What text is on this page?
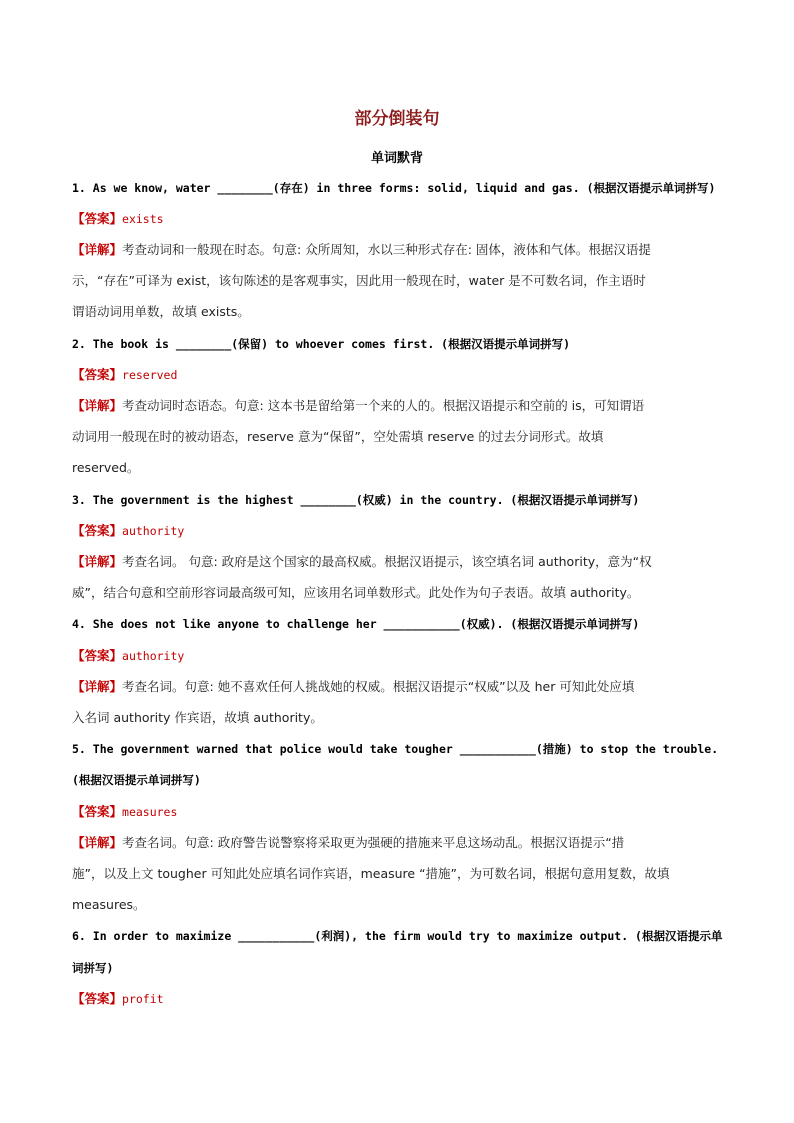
部分倒装句
单词默背
1. As we know, water ________(存在) in three forms: solid, liquid and gas. (根据汉语提示单词拼写)
【答案】exists
【详解】考查动词和一般现在时态。句意: 众所周知，水以三种形式存在: 固体，液体和气体。根据汉语提
示，“存在”可译为 exist，该句陈述的是客观事实，因此用一般现在时，water 是不可数名词，作主语时
谓语动词用单数，故填 exists。
2. The book is ________(保留) to whoever comes first. (根据汉语提示单词拼写)
【答案】reserved
【详解】考查动词时态语态。句意: 这本书是留给第一个来的人的。根据汉语提示和空前的 is，可知谓语
动词用一般现在时的被动语态，reserve 意为“保留”，空处需填 reserve 的过去分词形式。故填
reserved。
3. The government is the highest ________(权威) in the country. (根据汉语提示单词拼写)
【答案】authority
【详解】考查名词。 句意: 政府是这个国家的最高权威。根据汉语提示，该空填名词 authority，意为“权
威”，结合句意和空前形容词最高级可知，应该用名词单数形式。此处作为句子表语。故填 authority。
4. She does not like anyone to challenge her ___________(权威). (根据汉语提示单词拼写)
【答案】authority
【详解】考查名词。句意: 她不喜欢任何人挑战她的权威。根据汉语提示“权威”以及 her 可知此处应填
入名词 authority 作宾语，故填 authority。
5. The government warned that police would take tougher ___________(措施) to stop the trouble.
(根据汉语提示单词拼写)
【答案】measures
【详解】考查名词。句意: 政府警告说警察将采取更为强硬的措施来平息这场动乱。根据汉语提示“措
施”，以及上文 tougher 可知此处应填名词作宾语，measure “措施”，为可数名词，根据句意用复数，故填
measures。
6. In order to maximize ___________(利润), the firm would try to maximize output. (根据汉语提示单
词拼写)
【答案】profit
